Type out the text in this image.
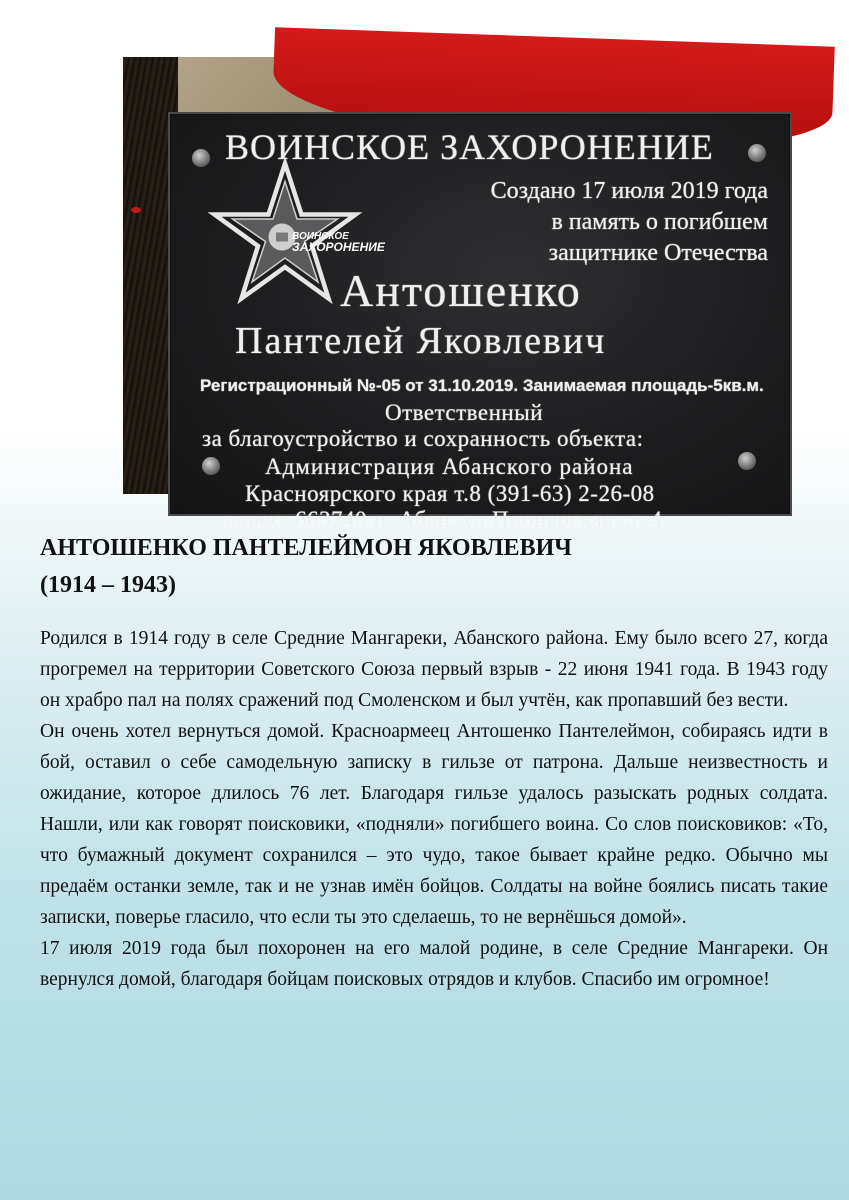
ВОИНСКОЕ
ЗАХОРОНЕНИЕ
ВОИНСКОЕ ЗАХОРОНЕНИЕ
Создано 17 июля 2019 года
в память о погибшем
защитнике Отечества
Антошенко
Пантелей Яковлевич
Регистрационный №-05 от 31.10.2019. Занимаемая площадь-5кв.м.
Ответственный
за благоустройство и сохранность объекта:
Администрация Абанского района
Красноярского края т.8 (391-63) 2-26-08
адрес: 663740 п. Абан, ул Пионерская, д. 4
АНТОШЕНКО ПАНТЕЛЕЙМОН ЯКОВЛЕВИЧ
(1914 – 1943)

Родился в 1914 году в селе Средние Мангареки, Абанского района. Ему было всего 27, когда прогремел на территории Советского Союза первый взрыв - 22 июня 1941 года. В 1943 году он храбро пал на полях сражений под Смоленском и был учтён, как пропавший без вести.

Он очень хотел вернуться домой. Красноармеец Антошенко Пантелеймон, собираясь идти в бой, оставил о себе самодельную записку в гильзе от патрона. Дальше неизвестность и ожидание, которое длилось 76 лет. Благодаря гильзе удалось разыскать родных солдата. Нашли, или как говорят поисковики, «подняли» погибшего воина. Со слов поисковиков: «То, что бумажный документ сохранился – это чудо, такое бывает крайне редко. Обычно мы предаём останки земле, так и не узнав имён бойцов. Солдаты на войне боялись писать такие записки, поверье гласило, что если ты это сделаешь, то не вернёшься домой».

17 июля 2019 года был похоронен на его малой родине, в селе Средние Мангареки. Он вернулся домой, благодаря бойцам поисковых отрядов и клубов. Спасибо им огромное!
